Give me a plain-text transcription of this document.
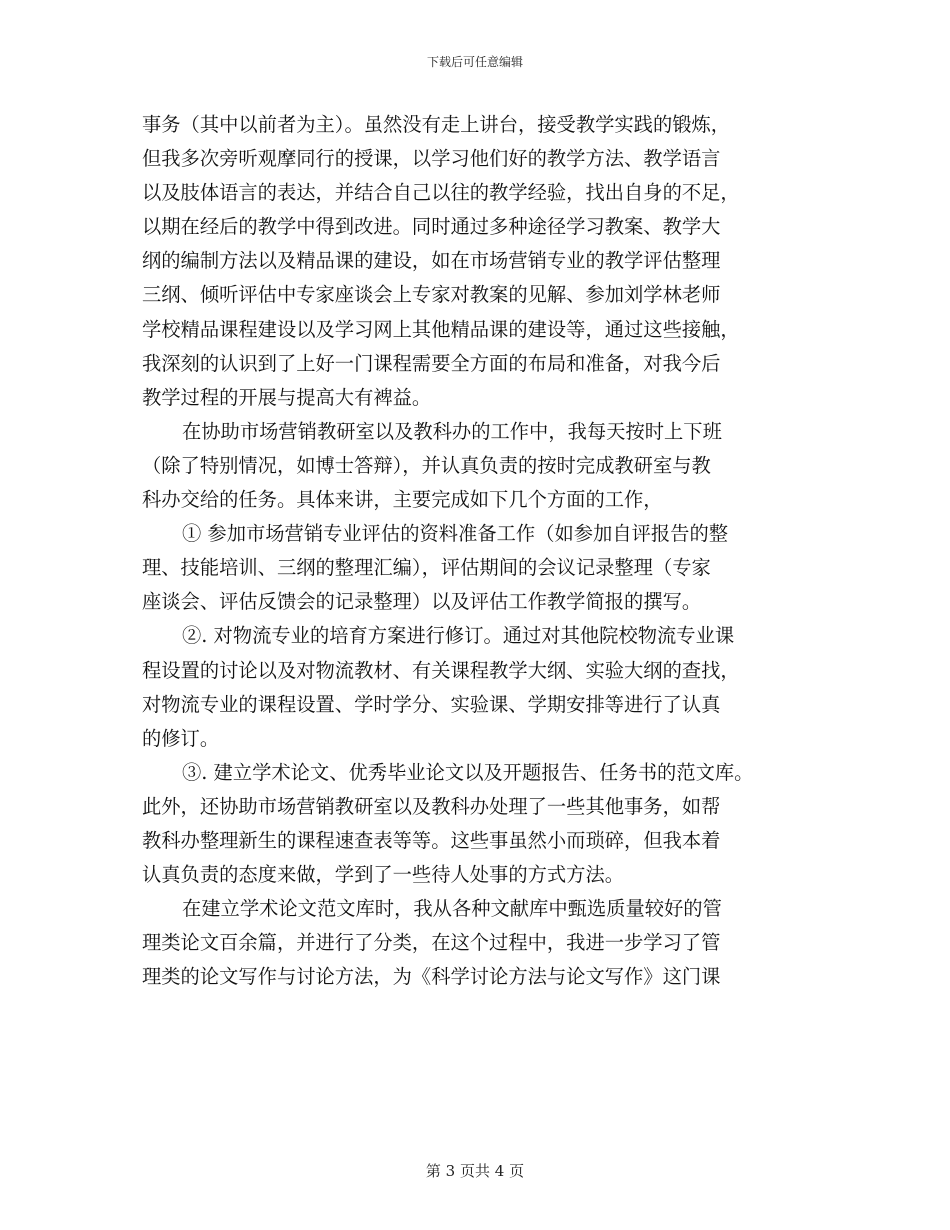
下载后可任意编辑
事务（其中以前者为主）。虽然没有走上讲台，接受教学实践的锻炼，
但我多次旁听观摩同行的授课，以学习他们好的教学方法、教学语言
以及肢体语言的表达，并结合自己以往的教学经验，找出自身的不足，
以期在经后的教学中得到改进。同时通过多种途径学习教案、教学大
纲的编制方法以及精品课的建设，如在市场营销专业的教学评估整理
三纲、倾听评估中专家座谈会上专家对教案的见解、参加刘学林老师
学校精品课程建设以及学习网上其他精品课的建设等，通过这些接触，
我深刻的认识到了上好一门课程需要全方面的布局和准备，对我今后
教学过程的开展与提高大有裨益。
在协助市场营销教研室以及教科办的工作中，我每天按时上下班
（除了特别情况，如博士答辩），并认真负责的按时完成教研室与教
科办交给的任务。具体来讲，主要完成如下几个方面的工作，
① 参加市场营销专业评估的资料准备工作（如参加自评报告的整
理、技能培训、三纲的整理汇编），评估期间的会议记录整理（专家
座谈会、评估反馈会的记录整理）以及评估工作教学简报的撰写。
②. 对物流专业的培育方案进行修订。通过对其他院校物流专业课
程设置的讨论以及对物流教材、有关课程教学大纲、实验大纲的查找，
对物流专业的课程设置、学时学分、实验课、学期安排等进行了认真
的修订。
③. 建立学术论文、优秀毕业论文以及开题报告、任务书的范文库。
此外，还协助市场营销教研室以及教科办处理了一些其他事务，如帮
教科办整理新生的课程速查表等等。这些事虽然小而琐碎，但我本着
认真负责的态度来做，学到了一些待人处事的方式方法。
在建立学术论文范文库时，我从各种文献库中甄选质量较好的管
理类论文百余篇，并进行了分类，在这个过程中，我进一步学习了管
理类的论文写作与讨论方法，为《科学讨论方法与论文写作》这门课
第 3 页共 4 页
